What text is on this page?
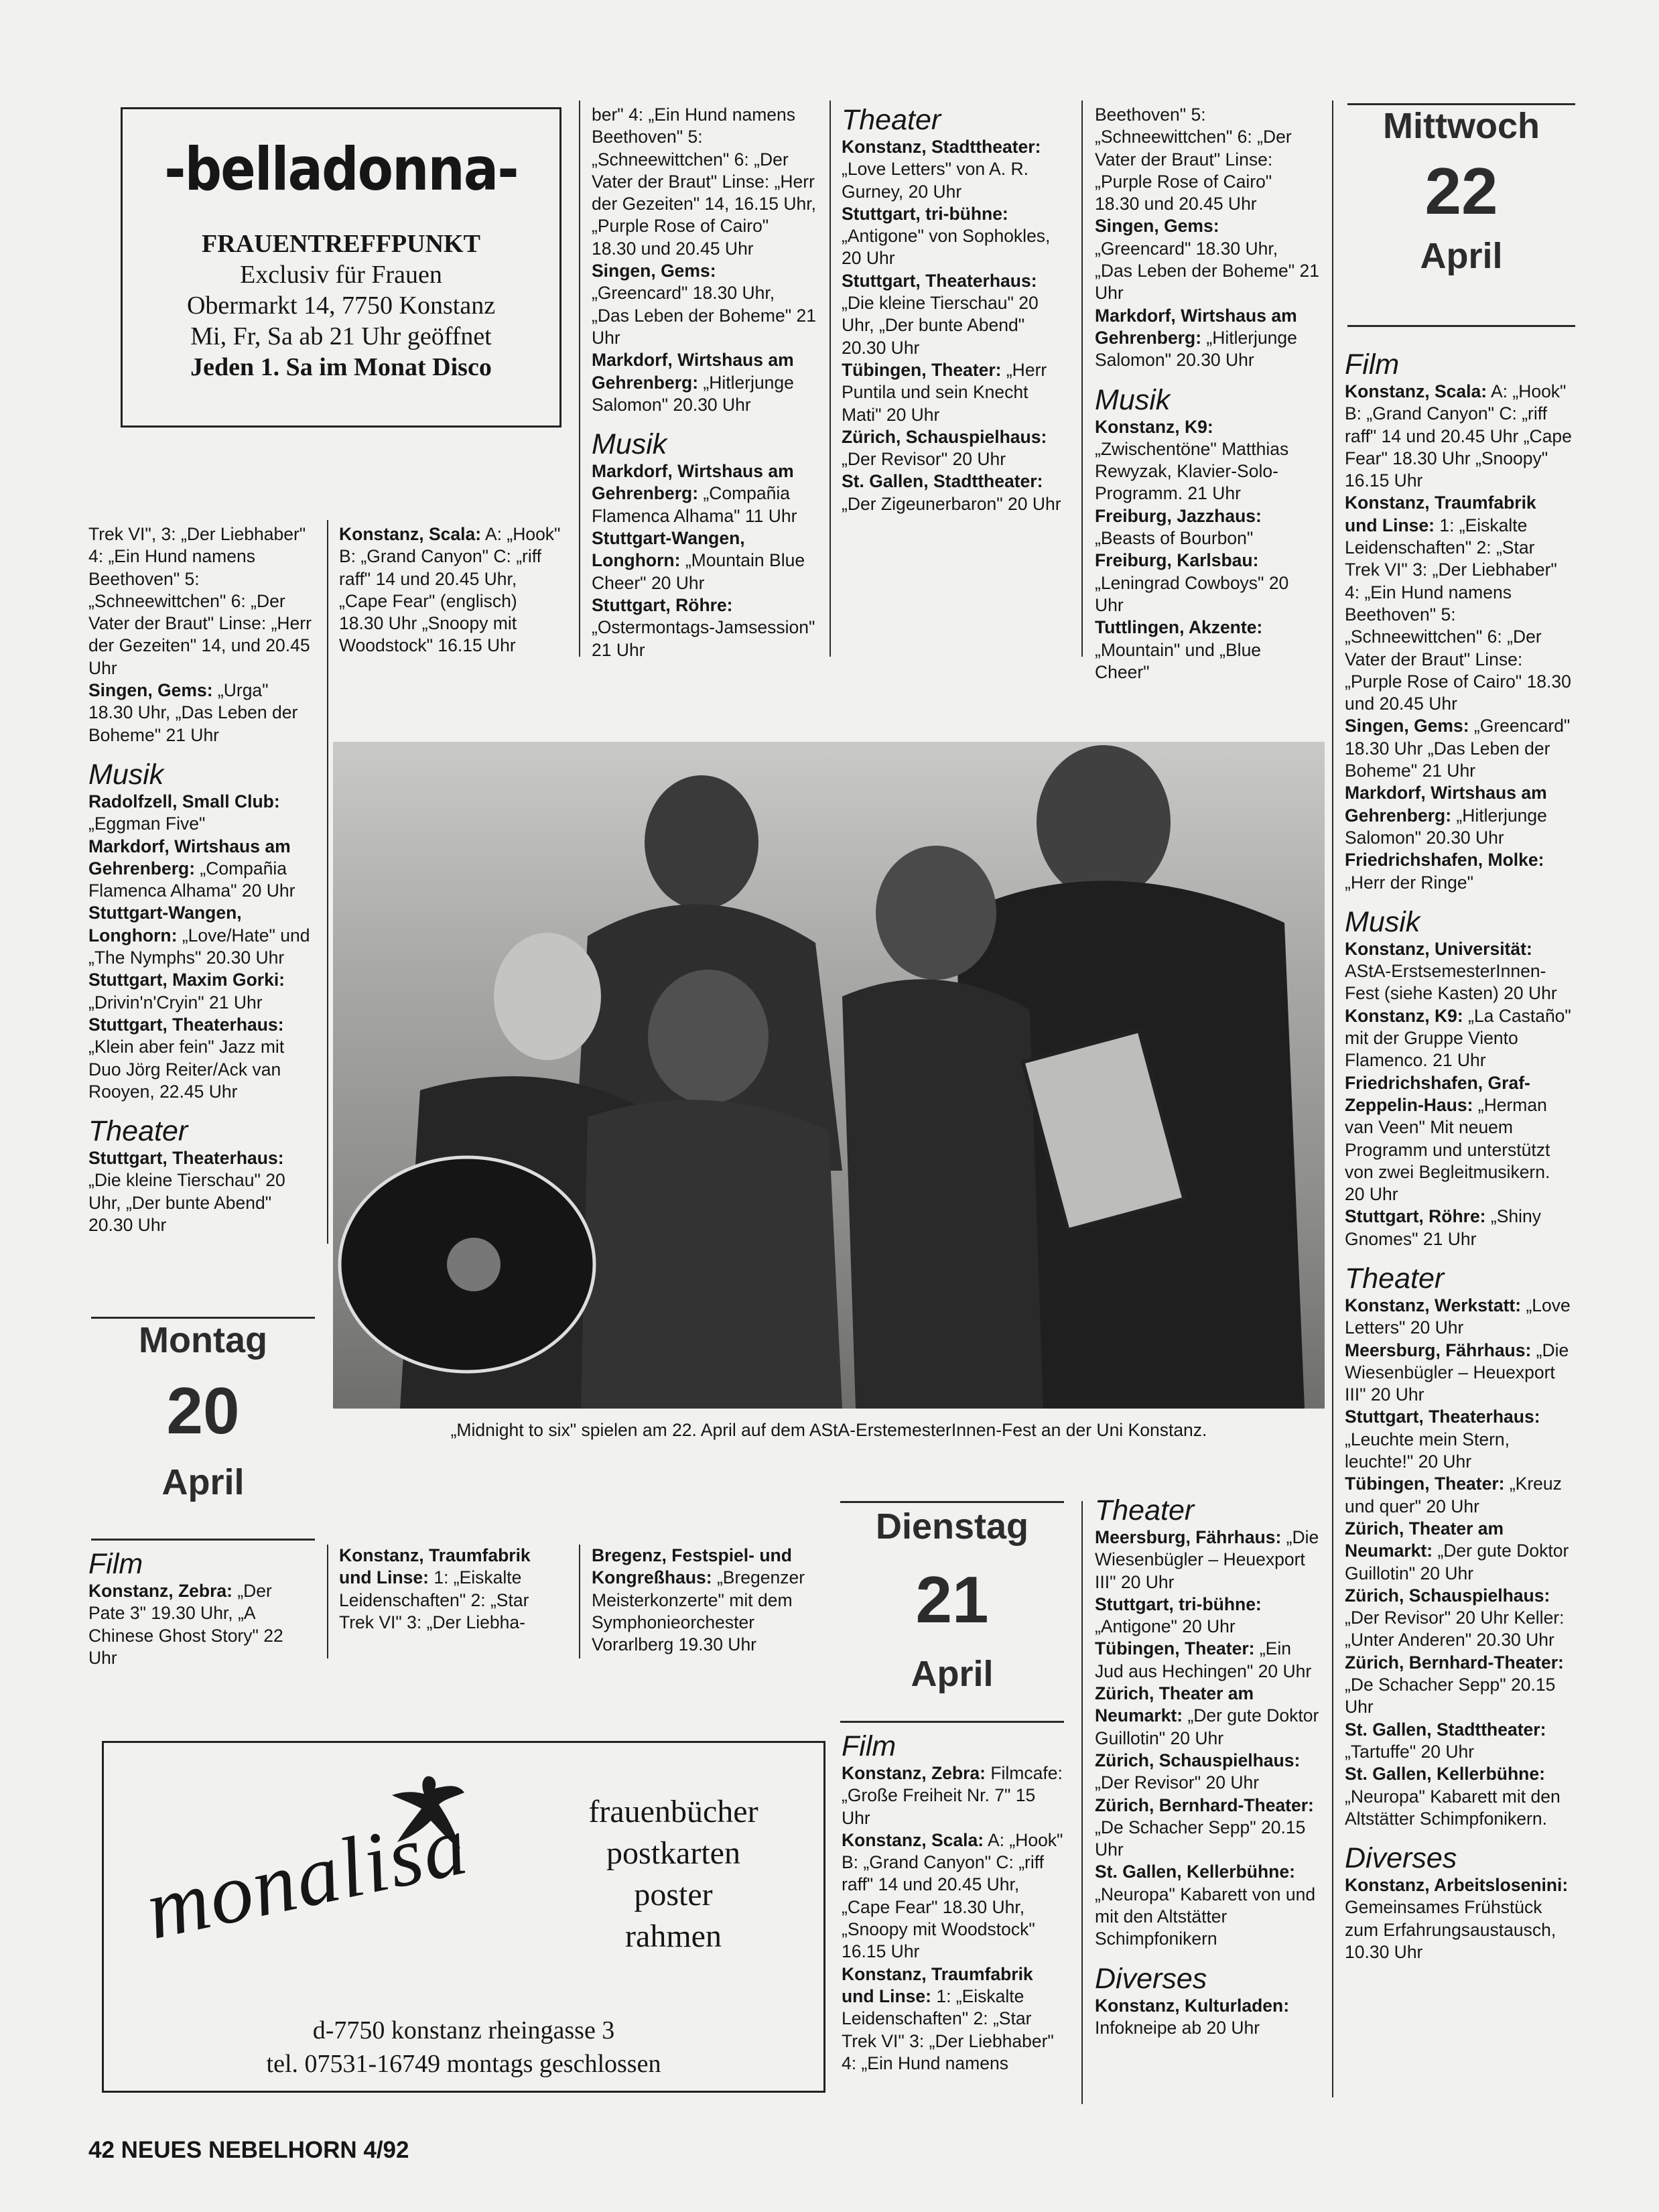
-belladonna-
FRAUENTREFFPUNKT
Exclusiv für Frauen
Obermarkt 14, 7750 Konstanz
Mi, Fr, Sa ab 21 Uhr geöffnet
Jeden 1. Sa im Monat Disco

Trek VI", 3: „Der Liebhaber" 4: „Ein Hund namens Beethoven" 5: „Schneewittchen" 6: „Der Vater der Braut" Linse: „Herr der Gezeiten" 14, und 20.45 Uhr

Singen, Gems: „Urga" 18.30 Uhr, „Das Leben der Boheme" 21 Uhr

Musik

Radolfzell, Small Club: „Eggman Five"

Markdorf, Wirtshaus am Gehrenberg: „Compañia Flamenca Alhama" 20 Uhr

Stuttgart-Wangen, Longhorn: „Love/Hate" und „The Nymphs" 20.30 Uhr

Stuttgart, Maxim Gorki: „Drivin'n'Cryin" 21 Uhr

Stuttgart, Theaterhaus: „Klein aber fein" Jazz mit Duo Jörg Reiter/Ack van Rooyen, 22.45 Uhr

Theater

Stuttgart, Theaterhaus: „Die kleine Tierschau" 20 Uhr, „Der bunte Abend" 20.30 Uhr

Konstanz, Scala: A: „Hook" B: „Grand Canyon" C: „riff raff" 14 und 20.45 Uhr, „Cape Fear" (englisch) 18.30 Uhr „Snoopy mit Woodstock" 16.15 Uhr

ber" 4: „Ein Hund namens Beethoven" 5: „Schneewittchen" 6: „Der Vater der Braut" Linse: „Herr der Gezeiten" 14, 16.15 Uhr, „Purple Rose of Cairo" 18.30 und 20.45 Uhr

Singen, Gems: „Greencard" 18.30 Uhr, „Das Leben der Boheme" 21 Uhr

Markdorf, Wirtshaus am Gehrenberg: „Hitlerjunge Salomon" 20.30 Uhr

Musik

Markdorf, Wirtshaus am Gehrenberg: „Compañia Flamenca Alhama" 11 Uhr

Stuttgart-Wangen, Longhorn: „Mountain Blue Cheer" 20 Uhr

Stuttgart, Röhre: „Ostermontags-Jamsession" 21 Uhr

Theater

Konstanz, Stadttheater: „Love Letters" von A. R. Gurney, 20 Uhr

Stuttgart, tri-bühne: „Antigone" von Sophokles, 20 Uhr

Stuttgart, Theaterhaus: „Die kleine Tierschau" 20 Uhr, „Der bunte Abend" 20.30 Uhr

Tübingen, Theater: „Herr Puntila und sein Knecht Mati" 20 Uhr

Zürich, Schauspielhaus: „Der Revisor" 20 Uhr

St. Gallen, Stadttheater: „Der Zigeunerbaron" 20 Uhr

Beethoven" 5: „Schneewittchen" 6: „Der Vater der Braut" Linse: „Purple Rose of Cairo" 18.30 und 20.45 Uhr

Singen, Gems: „Greencard" 18.30 Uhr, „Das Leben der Boheme" 21 Uhr

Markdorf, Wirtshaus am Gehrenberg: „Hitlerjunge Salomon" 20.30 Uhr

Musik

Konstanz, K9: „Zwischentöne" Matthias Rewyzak, Klavier-Solo-Programm. 21 Uhr

Freiburg, Jazzhaus: „Beasts of Bourbon"

Freiburg, Karlsbau: „Leningrad Cowboys" 20 Uhr

Tuttlingen, Akzente: „Mountain" und „Blue Cheer"

Film

Konstanz, Scala: A: „Hook" B: „Grand Canyon" C: „riff raff" 14 und 20.45 Uhr „Cape Fear" 18.30 Uhr „Snoopy" 16.15 Uhr

Konstanz, Traumfabrik und Linse: 1: „Eiskalte Leidenschaften" 2: „Star Trek VI" 3: „Der Liebhaber" 4: „Ein Hund namens Beethoven" 5: „Schneewittchen" 6: „Der Vater der Braut" Linse: „Purple Rose of Cairo" 18.30 und 20.45 Uhr

Singen, Gems: „Greencard" 18.30 Uhr „Das Leben der Boheme" 21 Uhr

Markdorf, Wirtshaus am Gehrenberg: „Hitlerjunge Salomon" 20.30 Uhr

Friedrichshafen, Molke: „Herr der Ringe"

Musik

Konstanz, Universität: AStA-ErstsemesterInnen-Fest (siehe Kasten) 20 Uhr

Konstanz, K9: „La Castaño" mit der Gruppe Viento Flamenco. 21 Uhr

Friedrichshafen, Graf-Zeppelin-Haus: „Herman van Veen" Mit neuem Programm und unterstützt von zwei Begleitmusikern. 20 Uhr

Stuttgart, Röhre: „Shiny Gnomes" 21 Uhr

Theater

Konstanz, Werkstatt: „Love Letters" 20 Uhr

Meersburg, Fährhaus: „Die Wiesenbügler – Heuexport III" 20 Uhr

Stuttgart, Theaterhaus: „Leuchte mein Stern, leuchte!" 20 Uhr

Tübingen, Theater: „Kreuz und quer" 20 Uhr

Zürich, Theater am Neumarkt: „Der gute Doktor Guillotin" 20 Uhr

Zürich, Schauspielhaus: „Der Revisor" 20 Uhr Keller: „Unter Anderen" 20.30 Uhr

Zürich, Bernhard-Theater: „De Schacher Sepp" 20.15 Uhr

St. Gallen, Stadttheater: „Tartuffe" 20 Uhr

St. Gallen, Kellerbühne: „Neuropa" Kabarett mit den Altstätter Schimpfonikern.

Diverses

Konstanz, Arbeitslosenini: Gemeinsames Frühstück zum Erfahrungsaustausch, 10.30 Uhr

Mittwoch
22
April
„Midnight to six" spielen am 22. April auf dem AStA-ErstemesterInnen-Fest an der Uni Konstanz.
Montag
20
April
Film

Konstanz, Zebra: „Der Pate 3" 19.30 Uhr, „A Chinese Ghost Story" 22 Uhr

Konstanz, Traumfabrik und Linse: 1: „Eiskalte Leidenschaften" 2: „Star Trek VI" 3: „Der Liebha-

Bregenz, Festspiel- und Kongreßhaus: „Bregenzer Meisterkonzerte" mit dem Symphonieorchester Vorarlberg 19.30 Uhr

Dienstag
21
April
Film

Konstanz, Zebra: Filmcafe: „Große Freiheit Nr. 7" 15 Uhr

Konstanz, Scala: A: „Hook" B: „Grand Canyon" C: „riff raff" 14 und 20.45 Uhr, „Cape Fear" 18.30 Uhr, „Snoopy mit Woodstock" 16.15 Uhr

Konstanz, Traumfabrik und Linse: 1: „Eiskalte Leidenschaften" 2: „Star Trek VI" 3: „Der Liebhaber" 4: „Ein Hund namens

Theater

Meersburg, Fährhaus: „Die Wiesenbügler – Heuexport III" 20 Uhr

Stuttgart, tri-bühne: „Antigone" 20 Uhr

Tübingen, Theater: „Ein Jud aus Hechingen" 20 Uhr

Zürich, Theater am Neumarkt: „Der gute Doktor Guillotin" 20 Uhr

Zürich, Schauspielhaus: „Der Revisor" 20 Uhr

Zürich, Bernhard-Theater: „De Schacher Sepp" 20.15 Uhr

St. Gallen, Kellerbühne: „Neuropa" Kabarett von und mit den Altstätter Schimpfonikern

Diverses

Konstanz, Kulturladen: Infokneipe ab 20 Uhr

monalisa	frauenbücher
postkarten
poster
rahmen
d-7750 konstanz rheingasse 3
tel. 07531-16749 montags geschlossen
42 NEUES NEBELHORN 4/92
